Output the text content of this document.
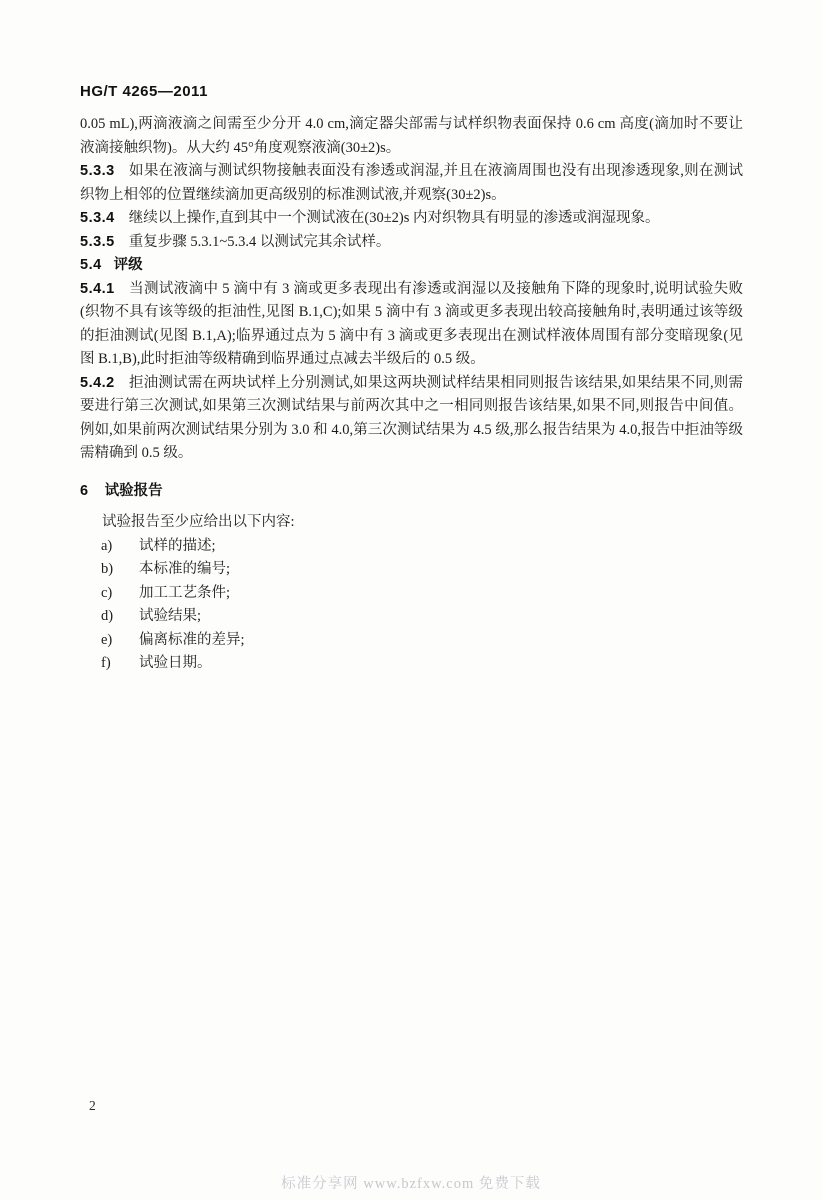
HG/T 4265—2011

0.05 mL),两滴液滴之间需至少分开 4.0 cm,滴定器尖部需与试样织物表面保持 0.6 cm 高度(滴加时不要让液滴接触织物)。从大约 45°角度观察液滴(30±2)s。

5.3.3 如果在液滴与测试织物接触表面没有渗透或润湿,并且在液滴周围也没有出现渗透现象,则在测试织物上相邻的位置继续滴加更高级别的标准测试液,并观察(30±2)s。

5.3.4 继续以上操作,直到其中一个测试液在(30±2)s 内对织物具有明显的渗透或润湿现象。

5.3.5 重复步骤 5.3.1~5.3.4 以测试完其余试样。

5.4 评级

5.4.1 当测试液滴中 5 滴中有 3 滴或更多表现出有渗透或润湿以及接触角下降的现象时,说明试验失败(织物不具有该等级的拒油性,见图 B.1,C);如果 5 滴中有 3 滴或更多表现出较高接触角时,表明通过该等级的拒油测试(见图 B.1,A);临界通过点为 5 滴中有 3 滴或更多表现出在测试样液体周围有部分变暗现象(见图 B.1,B),此时拒油等级精确到临界通过点减去半级后的 0.5 级。

5.4.2 拒油测试需在两块试样上分别测试,如果这两块测试样结果相同则报告该结果,如果结果不同,则需要进行第三次测试,如果第三次测试结果与前两次其中之一相同则报告该结果,如果不同,则报告中间值。例如,如果前两次测试结果分别为 3.0 和 4.0,第三次测试结果为 4.5 级,那么报告结果为 4.0,报告中拒油等级需精确到 0.5 级。

6 试验报告

试验报告至少应给出以下内容:

a)	试样的描述;
b)	本标准的编号;
c)	加工工艺条件;
d)	试验结果;
e)	偏离标准的差异;
f)	试验日期。
2
标准分享网 www.bzfxw.com 免费下载
